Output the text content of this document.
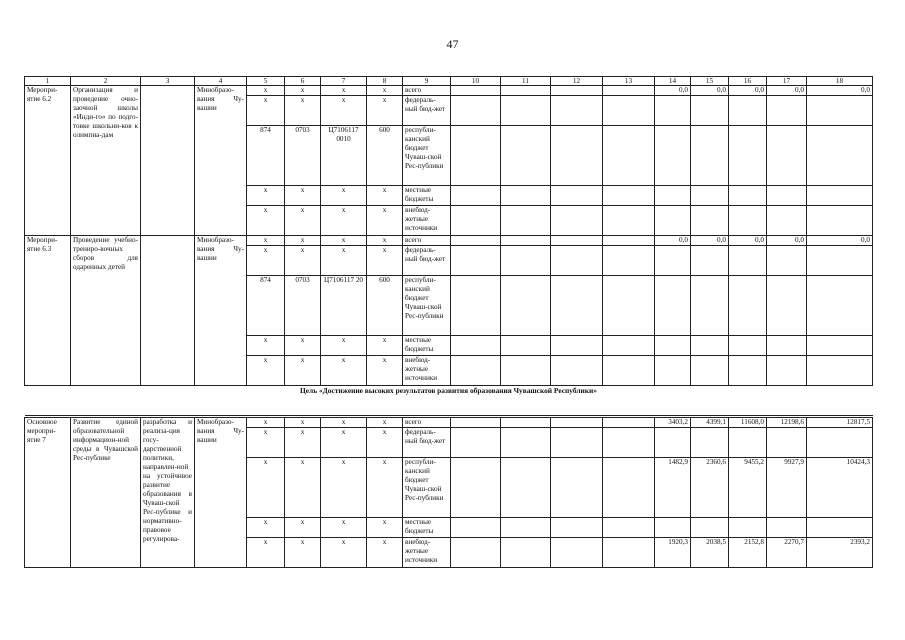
47
1	2	3	4	5	6	7	8	9	10	11	12	13	14	15	16	17	18
Меропри-ятие 6.2	Организация и проведение очно-заочной школы «Инди-го» по подго-товке школьни-ков к олимпиа-дам		Минобразо-вания Чу-вашии	x	x	x	x	всего					0,0	0,0	0,0	0,0	0,0
				x	x	x	x	федераль-ный бюд-жет									
				874	0703	Ц7106117 0010	600	республи-канский бюджет Чуваш-ской Рес-публики									
				x	x	x	x	местные бюджеты									
				x	x	x	x	внебюд-жетные источники									
Меропри-ятие 6.3	Проведение учебно-трениро-вочных сборов для одаренных детей		Минобразо-вания Чу-вашии	x	x	x	x	всего					0,0	0,0	0,0	0,0	0,0
				x	x	x	x	федераль-ный бюд-жет									
				874	0703	Ц7106117 20	600	республи-канский бюджет Чуваш-ской Рес-публики									
				x	x	x	x	местные бюджеты									
				x	x	x	x	внебюд-жетные источники									
Цель «Достижение высоких результатов развития образования Чувашской Республики»																	

Основное меропри-ятие 7	Развитие единой образовательной информацион-ной среды в Чувашской Рес-публике	разработка и реализа-ция госу-дарственной политики, направлен-ной на устойчивое развитие образования в Чуваш-ской Рес-публике и нормативно-правовое регулирова-	Минобразо-вания Чу-вашии	x	x	x	x	всего					3403,2	4399,1	11608,0	12198,6	12817,5
				x	x	x	x	федераль-ный бюд-жет									
				x	x	x	x	республи-канский бюджет Чуваш-ской Рес-публики					1482,9	2360,6	9455,2	9927,9	10424,3
				x	x	x	x	местные бюджеты									
				x	x	x	x	внебюд-жетные источники					1920,3	2038,5	2152,8	2270,7	2393,2
